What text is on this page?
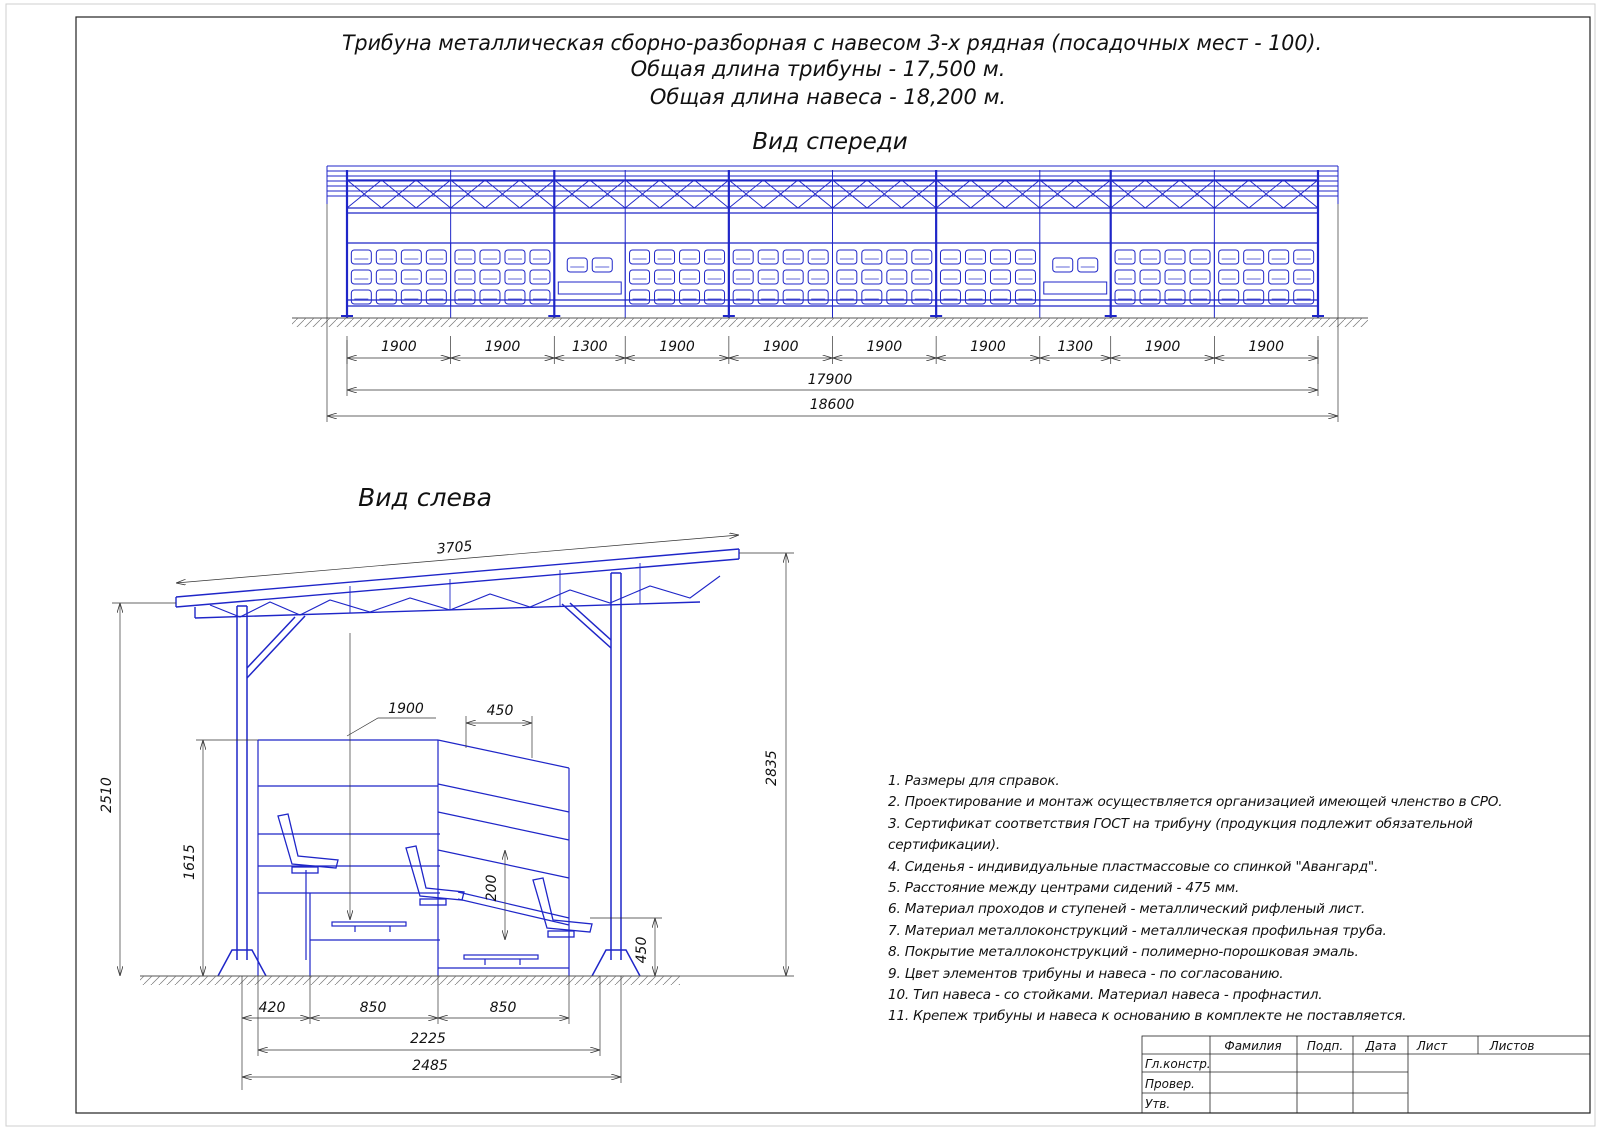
Трибуна металлическая сборно-разборная с навесом 3-х рядная (посадочных мест - 100).
Общая длина трибуны - 17,500 м.
Общая длина навеса - 18,200 м.
Вид спереди
1900	1900	1300	1900	1900	1900	1900	1300	1900	1900
17900
18600
Вид слева
3705
2510
2835
1900	450
1615
200
450
420	850	850
2225
2485
Фамилия Подп. Дата Лист	Листов
Гл.констр.
Провер.
Утв.
1. Размеры для справок.
2. Проектирование и монтаж осуществляется организацией имеющей членство в СРО.
3. Сертификат соответствия ГОСТ на трибуну (продукция подлежит обязательной сертификации).
4. Сиденья - индивидуальные пластмассовые со спинкой "Авангард".
5. Расстояние между центрами сидений - 475 мм.
6. Материал проходов и ступеней - металлический рифленый лист.
7. Материал металлоконструкций - металлическая профильная труба.
8. Покрытие металлоконструкций - полимерно-порошковая эмаль.
9. Цвет элементов трибуны и навеса - по согласованию.
10. Тип навеса - со стойками. Материал навеса - профнастил.
11. Крепеж трибуны и навеса к основанию в комплекте не поставляется.
